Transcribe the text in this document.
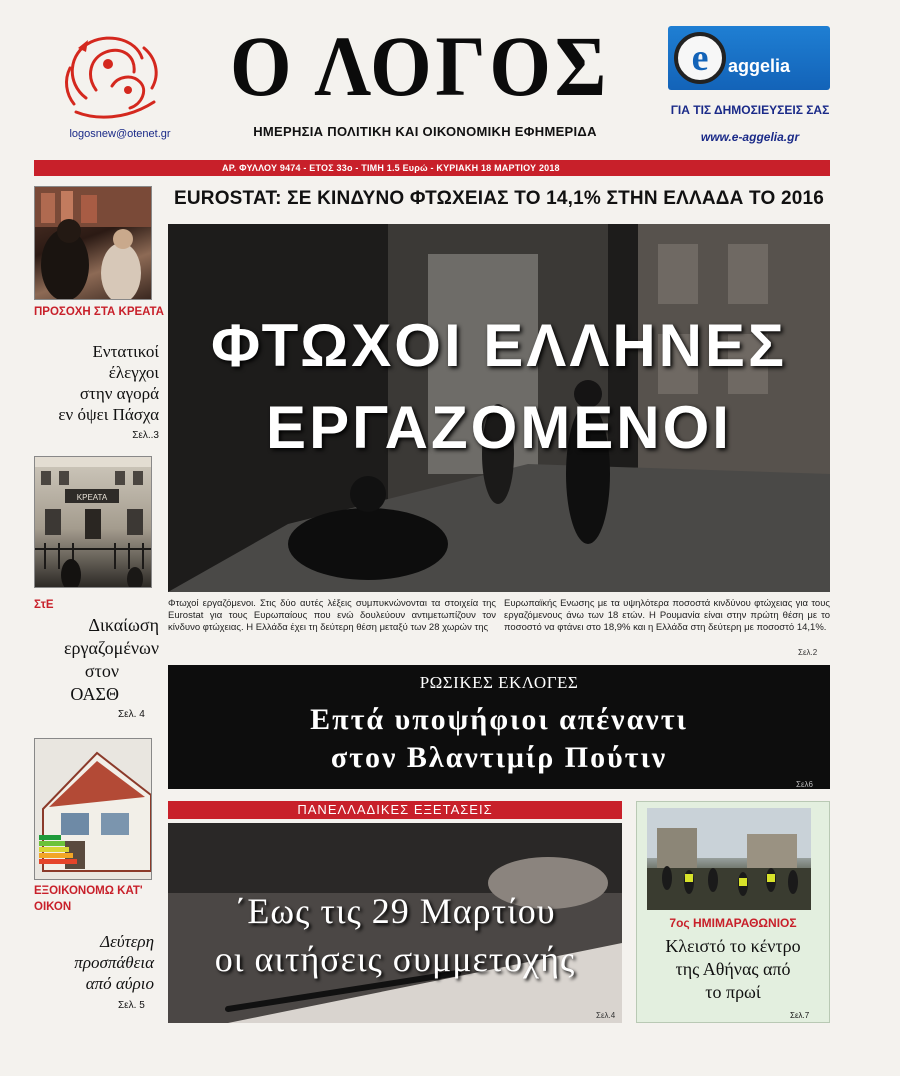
logosnew@otenet.gr
Ο ΛΟΓΟΣ
ΗΜΕΡΗΣΙΑ ΠΟΛΙΤΙΚΗ ΚΑΙ ΟΙΚΟΝΟΜΙΚΗ ΕΦΗΜΕΡΙΔΑ
e	aggelia
ΓΙΑ ΤΙΣ ΔΗΜΟΣΙΕΥΣΕΙΣ ΣΑΣ
www.e-aggelia.gr
ΑΡ. ΦΥΛΛΟΥ 9474 - ΕΤΟΣ 33ο - ΤΙΜΗ 1.5 Ευρώ - ΚΥΡΙΑΚΗ 18 ΜΑΡΤΙΟΥ 2018
ΠΡΟΣΟΧΗ ΣΤΑ ΚΡΕΑΤΑ
Εντατικοί
έλεγχοι
στην αγορά
εν όψει Πάσχα
Σελ..3
ΚΡΕΑΤΑ
ΣτΕ
Δικαίωση
εργαζομένων
στον
ΟΑΣΘ
Σελ. 4
ΕΞΟΙΚΟΝΟΜΩ ΚΑΤ' ΟΙΚΟΝ
Δεύτερη
προσπάθεια
από αύριο
Σελ. 5
EUROSTAT: ΣΕ ΚΙΝΔΥΝΟ ΦΤΩΧΕΙΑΣ ΤΟ 14,1% ΣΤΗΝ ΕΛΛΑΔΑ ΤΟ 2016
ΦΤΩΧΟΙ ΕΛΛΗΝΕΣ
ΕΡΓΑΖΟΜΕΝΟΙ
Φτωχοί εργαζόμενοι. Στις δύο αυτές λέξεις συμπυκνώνονται τα στοιχεία της Eurostat για τους Ευρωπαίους που ενώ δουλεύουν αντιμετωπίζουν τον κίνδυνο φτώχειας. Η Ελλάδα έχει τη δεύτερη θέση μεταξύ των 28 χωρών της
Ευρωπαϊκής Ενωσης με τα υψηλότερα ποσοστά κινδύνου φτώχειας για τους εργαζόμενους άνω των 18 ετών. Η Ρουμανία είναι στην πρώτη θέση με το ποσοστό να φτάνει στο 18,9% και η Ελλάδα στη δεύτερη με ποσοστό 14,1%.
Σελ.2
ΡΩΣΙΚΕΣ ΕΚΛΟΓΕΣ
Επτά υποψήφιοι απέναντι
στον Βλαντιμίρ Πούτιν
Σελ6
ΠΑΝΕΛΛΑΔΙΚΕΣ ΕΞΕΤΑΣΕΙΣ
΄Εως τις 29 Μαρτίου
οι αιτήσεις συμμετοχής
Σελ.4
7ος ΗΜΙΜΑΡΑΘΩΝΙΟΣ
Κλειστό το κέντρο
της Αθήνας από
το πρωί
Σελ.7
